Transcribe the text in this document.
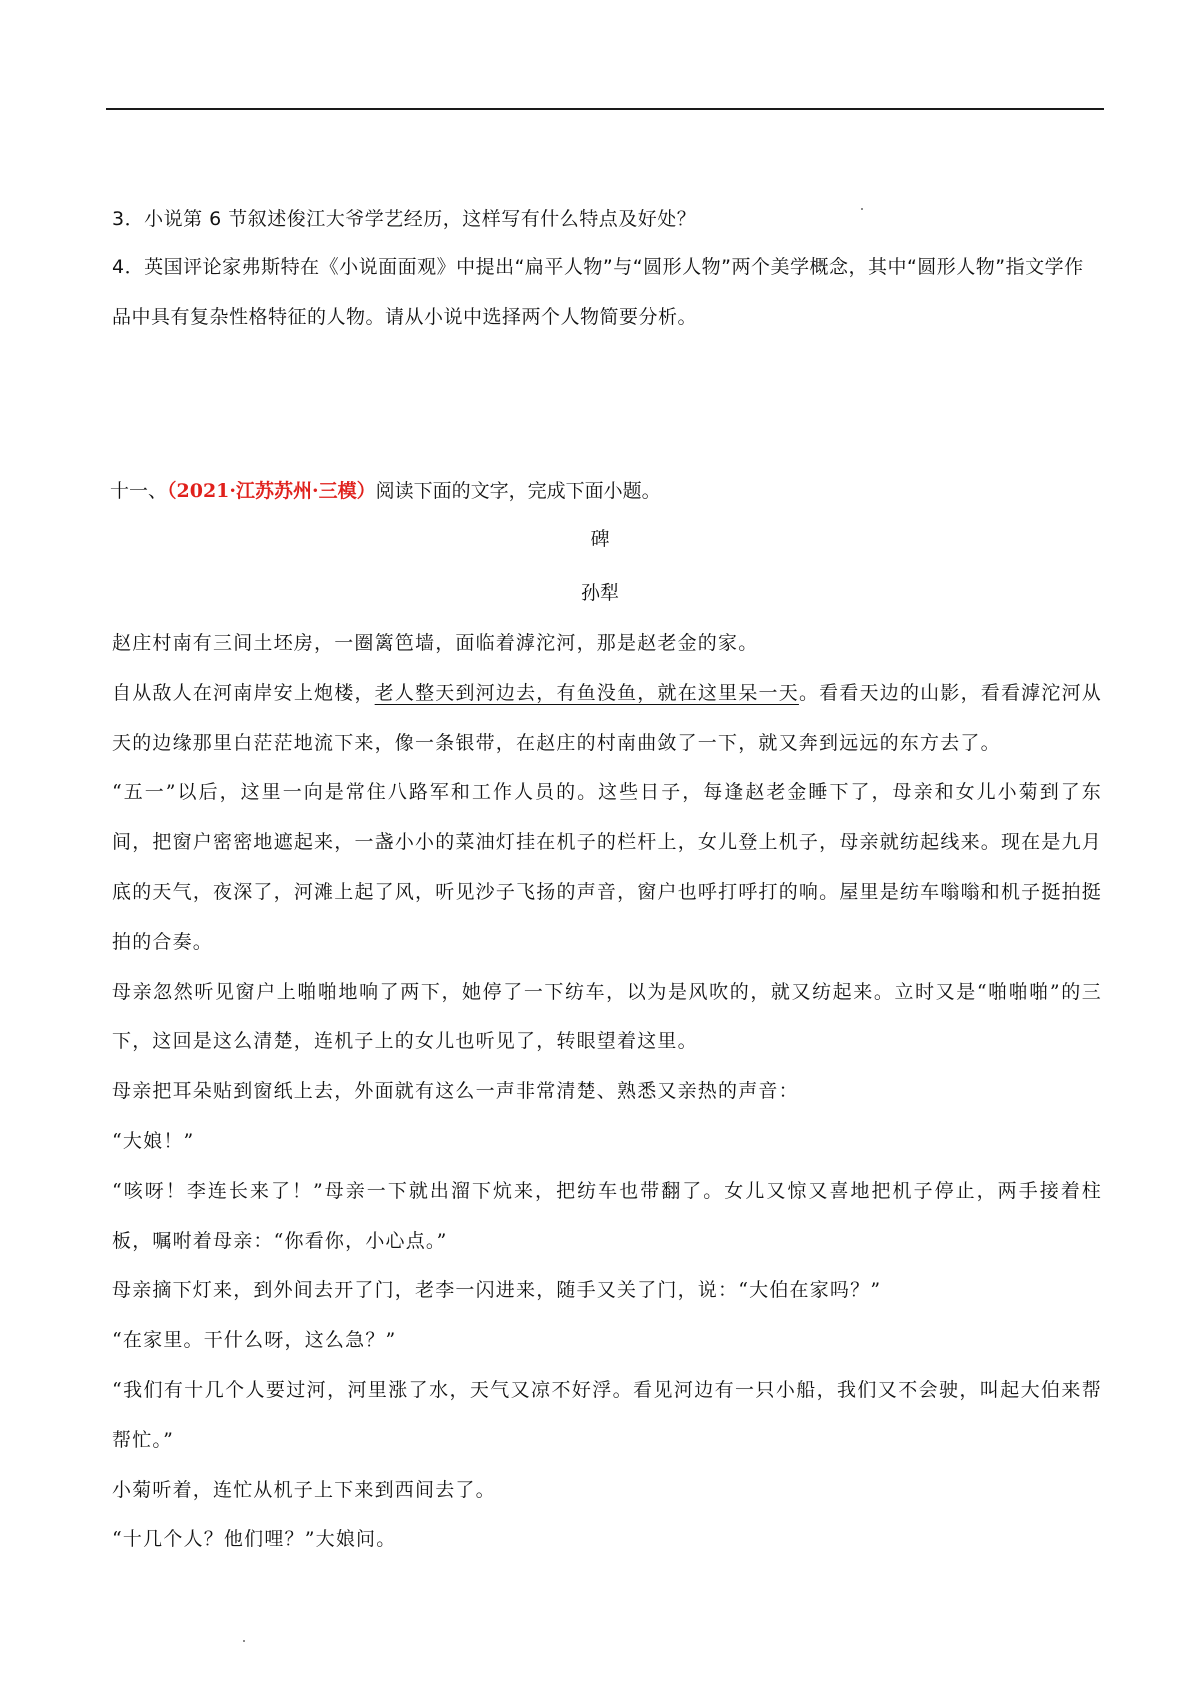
3．小说第 6 节叙述俊江大爷学艺经历，这样写有什么特点及好处？
4．英国评论家弗斯特在《小说面面观》中提出“扁平人物”与“圆形人物”两个美学概念，其中“圆形人物”指文学作品中具有复杂性格特征的人物。请从小说中选择两个人物简要分析。
十一、（2021·江苏苏州·三模）阅读下面的文字，完成下面小题。
碑
孙犁

赵庄村南有三间土坯房，一圈篱笆墙，面临着滹沱河，那是赵老金的家。

自从敌人在河南岸安上炮楼，老人整天到河边去，有鱼没鱼，就在这里呆一天。看看天边的山影，看看滹沱河从天的边缘那里白茫茫地流下来，像一条银带，在赵庄的村南曲敛了一下，就又奔到远远的东方去了。

“五一”以后，这里一向是常住八路军和工作人员的。这些日子，每逢赵老金睡下了，母亲和女儿小菊到了东间，把窗户密密地遮起来，一盏小小的菜油灯挂在机子的栏杆上，女儿登上机子，母亲就纺起线来。现在是九月底的天气，夜深了，河滩上起了风，听见沙子飞扬的声音，窗户也呼打呼打的响。屋里是纺车嗡嗡和机子挺拍挺拍的合奏。

母亲忽然听见窗户上啪啪地响了两下，她停了一下纺车，以为是风吹的，就又纺起来。立时又是“啪啪啪”的三下，这回是这么清楚，连机子上的女儿也听见了，转眼望着这里。

母亲把耳朵贴到窗纸上去，外面就有这么一声非常清楚、熟悉又亲热的声音：

“大娘！”

“咳呀！李连长来了！”母亲一下就出溜下炕来，把纺车也带翻了。女儿又惊又喜地把机子停止，两手接着柱板，嘱咐着母亲：“你看你，小心点。”

母亲摘下灯来，到外间去开了门，老李一闪进来，随手又关了门，说：“大伯在家吗？”

“在家里。干什么呀，这么急？”

“我们有十几个人要过河，河里涨了水，天气又凉不好浮。看见河边有一只小船，我们又不会驶，叫起大伯来帮帮忙。”

小菊听着，连忙从机子上下来到西间去了。

“十几个人？他们哩？”大娘问。
